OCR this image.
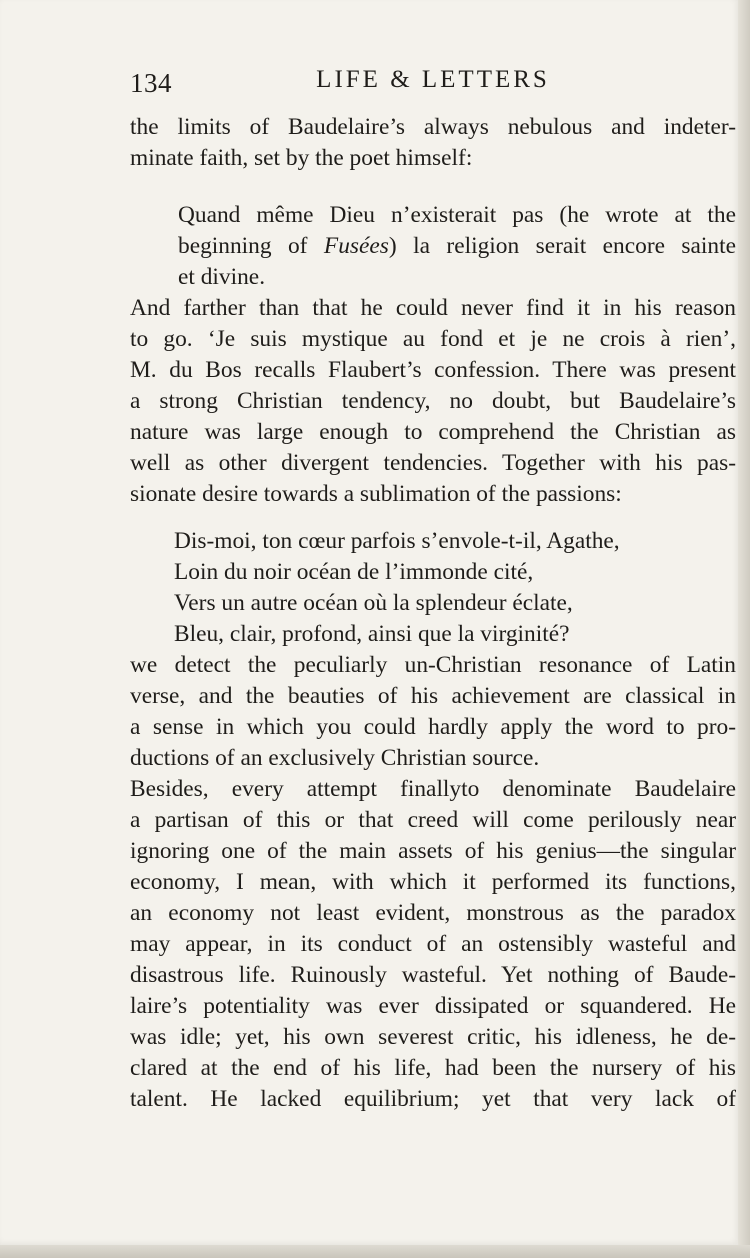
134	LIFE & LETTERS

the limits of Baudelaire’s always nebulous and indeter-
minate faith, set by the poet himself:

Quand même Dieu n’existerait pas (he wrote at the
beginning of Fusées) la religion serait encore sainte
et divine.

And farther than that he could never find it in his reason
to go. ‘Je suis mystique au fond et je ne crois à rien’,
M. du Bos recalls Flaubert’s confession. There was present
a strong Christian tendency, no doubt, but Baudelaire’s
nature was large enough to comprehend the Christian as
well as other divergent tendencies. Together with his pas-
sionate desire towards a sublimation of the passions:

Dis-moi, ton cœur parfois s’envole-t-il, Agathe,
Loin du noir océan de l’immonde cité,
Vers un autre océan où la splendeur éclate,
Bleu, clair, profond, ainsi que la virginité?

we detect the peculiarly un-Christian resonance of Latin
verse, and the beauties of his achievement are classical in
a sense in which you could hardly apply the word to pro-
ductions of an exclusively Christian source.

Besides, every attempt finallyto denominate Baudelaire
a partisan of this or that creed will come perilously near
ignoring one of the main assets of his genius—the singular
economy, I mean, with which it performed its functions,
an economy not least evident, monstrous as the paradox
may appear, in its conduct of an ostensibly wasteful and
disastrous life. Ruinously wasteful. Yet nothing of Baude-
laire’s potentiality was ever dissipated or squandered. He
was idle; yet, his own severest critic, his idleness, he de-
clared at the end of his life, had been the nursery of his
talent. He lacked equilibrium; yet that very lack of
